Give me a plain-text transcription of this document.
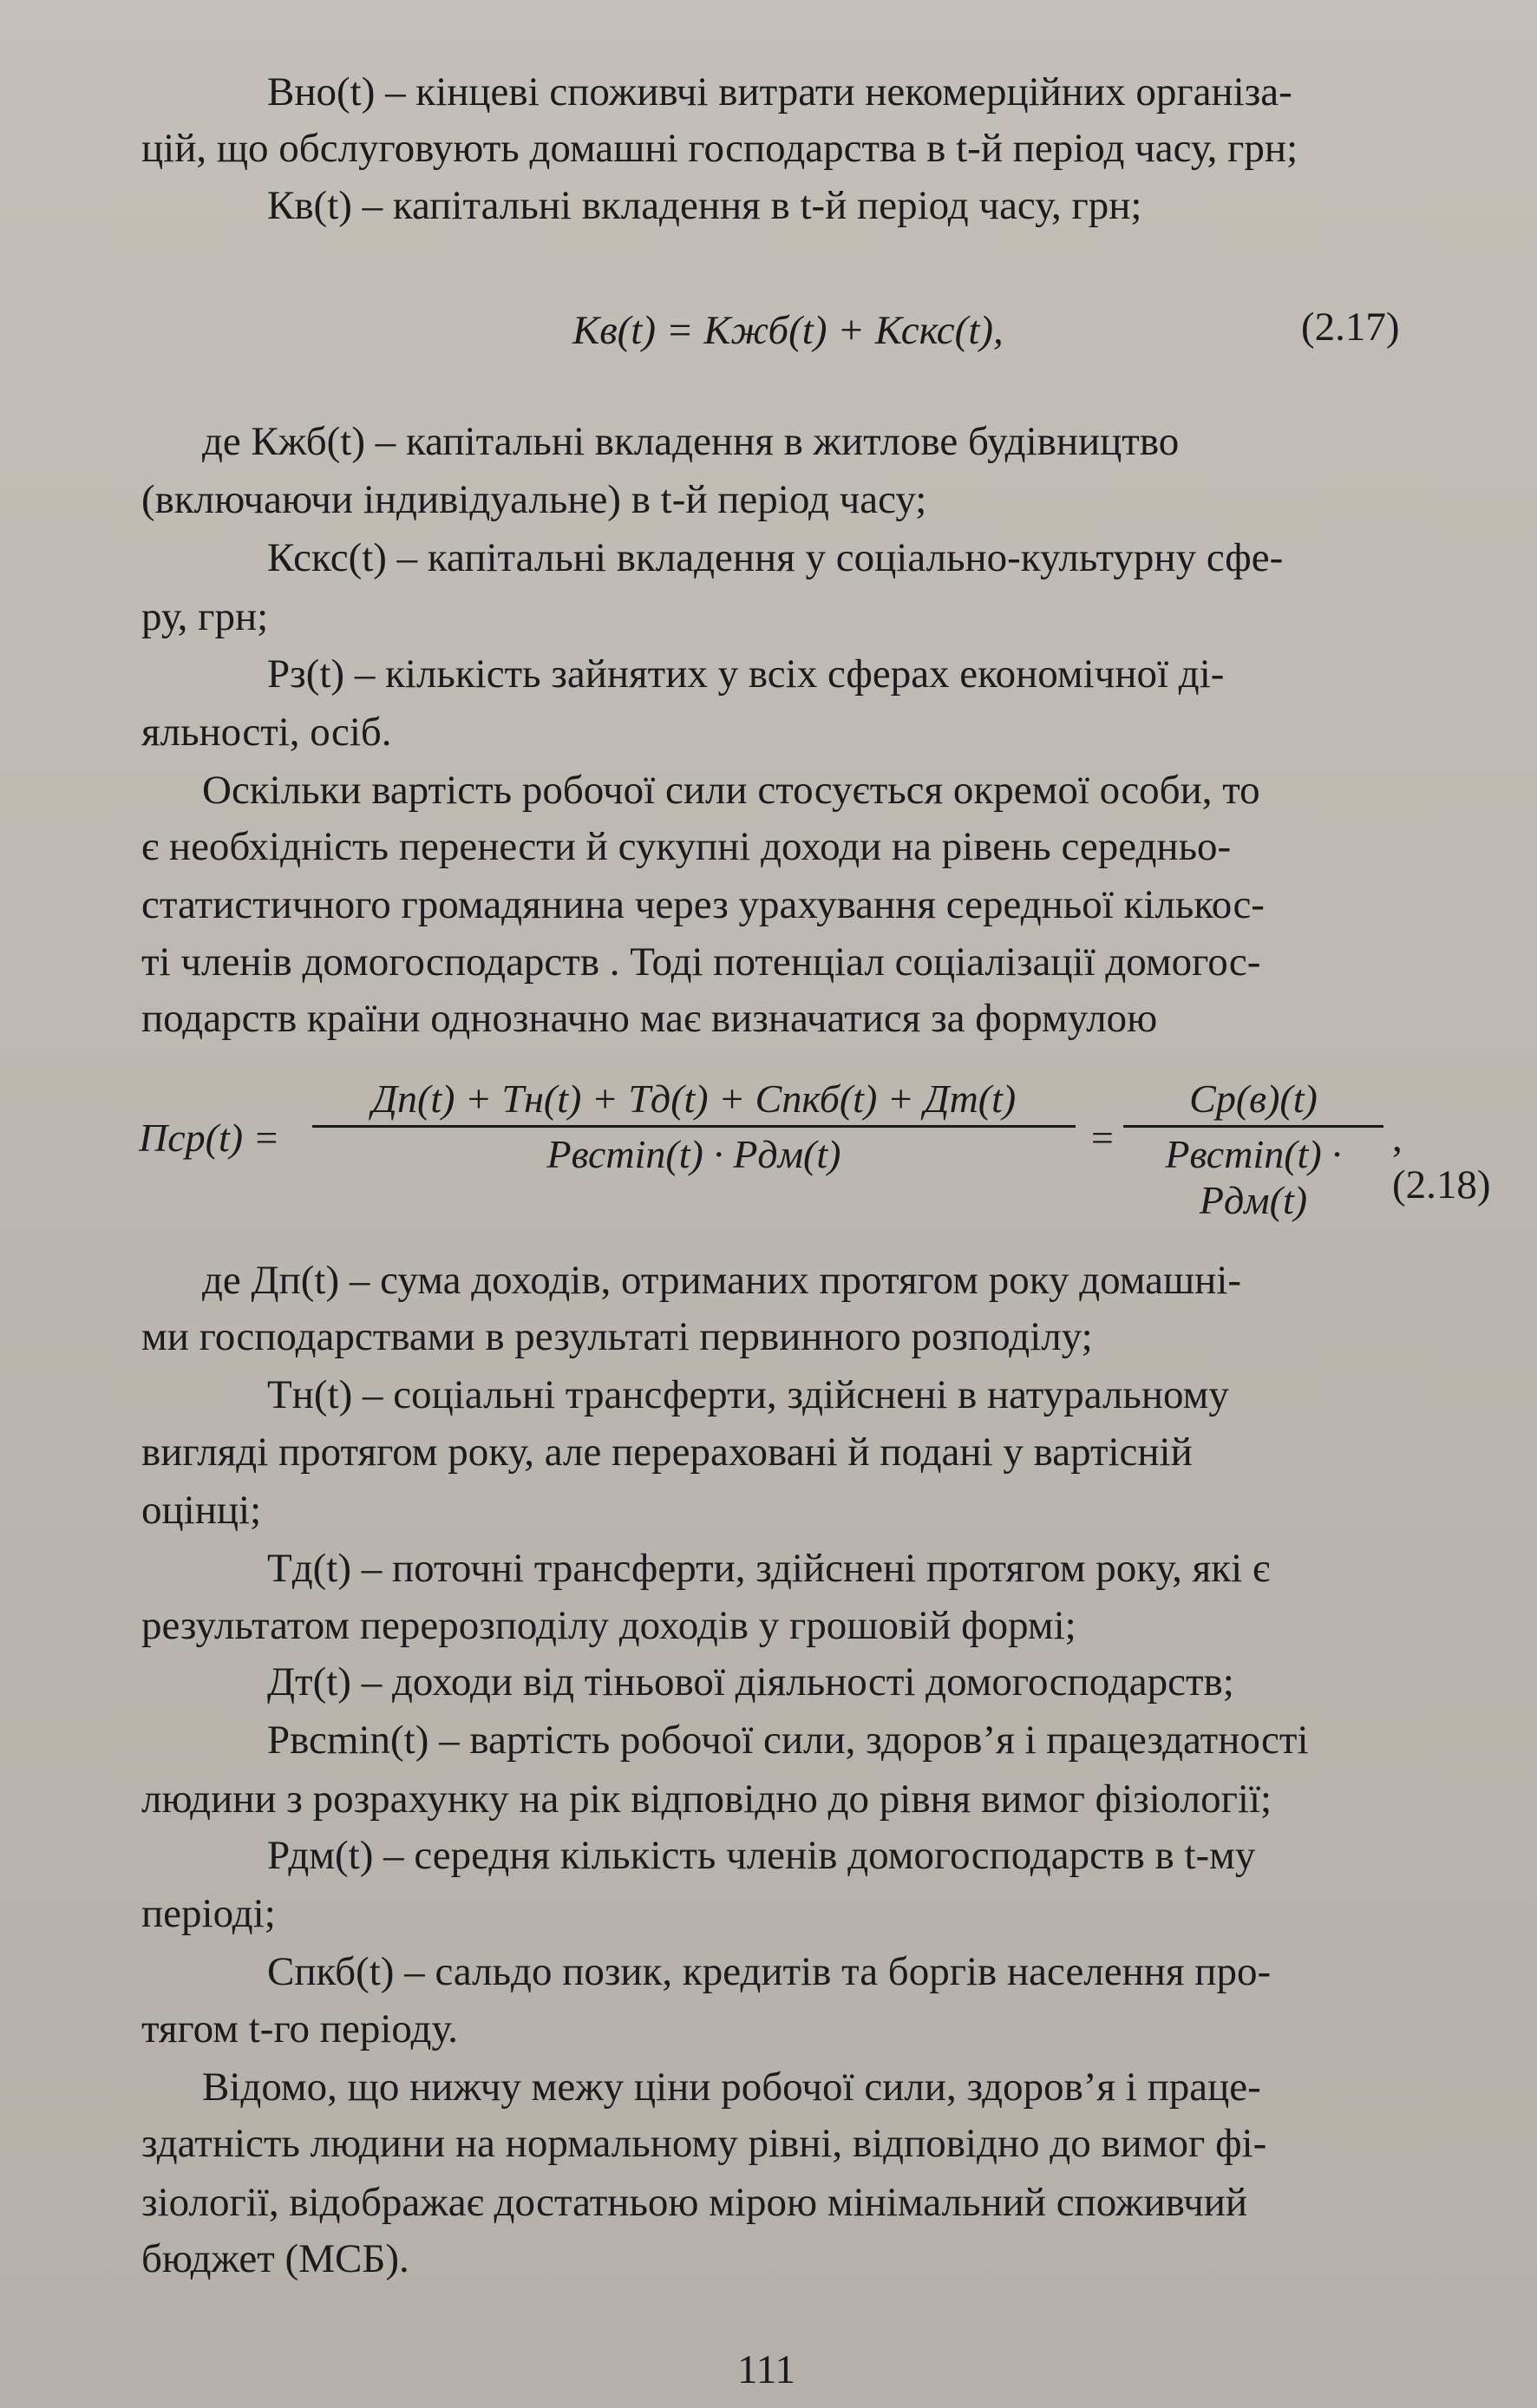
Bно(t) – кінцеві споживчі витрати некомерційних організа-
цій, що обслуговують домашні господарства в t-й період часу, грн;
Кв(t) – капітальні вкладення в t-й період часу, грн;
Кв(t) = Кжб(t) + Кскс(t),	(2.17)
де Кжб(t) – капітальні вкладення в житлове будівництво
(включаючи індивідуальне) в t-й період часу;
Кскс(t) – капітальні вкладення у соціально-культурну сфе-
ру, грн;
Рз(t) – кількість зайнятих у всіх сферах економічної ді-
яльності, осіб.
Оскільки вартість робочої сили стосується окремої особи, то
є необхідність перенести й сукупні доходи на рівень середньо-
статистичного громадянина через урахування середньої кількос-
ті членів домогосподарств . Тоді потенціал соціалізації домогос-
подарств країни однозначно має визначатися за формулою
Пср(t) =
Дп(t) + Тн(t) + Тд(t) + Cпкб(t) + Дт(t)
Pвсmin(t) · Pдм(t)	=
Cр(в)(t)
Pвсmin(t) · Pдм(t)
, (2.18)
де Дп(t) – сума доходів, отриманих протягом року домашні-
ми господарствами в результаті первинного розподілу;
Тн(t) – соціальні трансферти, здійснені в натуральному
вигляді протягом року, але перераховані й подані у вартісній
оцінці;
Тд(t) – поточні трансферти, здійснені протягом року, які є
результатом перерозподілу доходів у грошовій формі;
Дт(t) – доходи від тіньової діяльності домогосподарств;
Pвсmin(t) – вартість робочої сили, здоров’я і працездатності
людини з розрахунку на рік відповідно до рівня вимог фізіології;
Рдм(t) – середня кількість членів домогосподарств в t-му
періоді;
Cпкб(t) – сальдо позик, кредитів та боргів населення про-
тягом t-го періоду.
Відомо, що нижчу межу ціни робочої сили, здоров’я і праце-
здатність людини на нормальному рівні, відповідно до вимог фі-
зіології, відображає достатньою мірою мінімальний споживчий
бюджет (МСБ).
111
